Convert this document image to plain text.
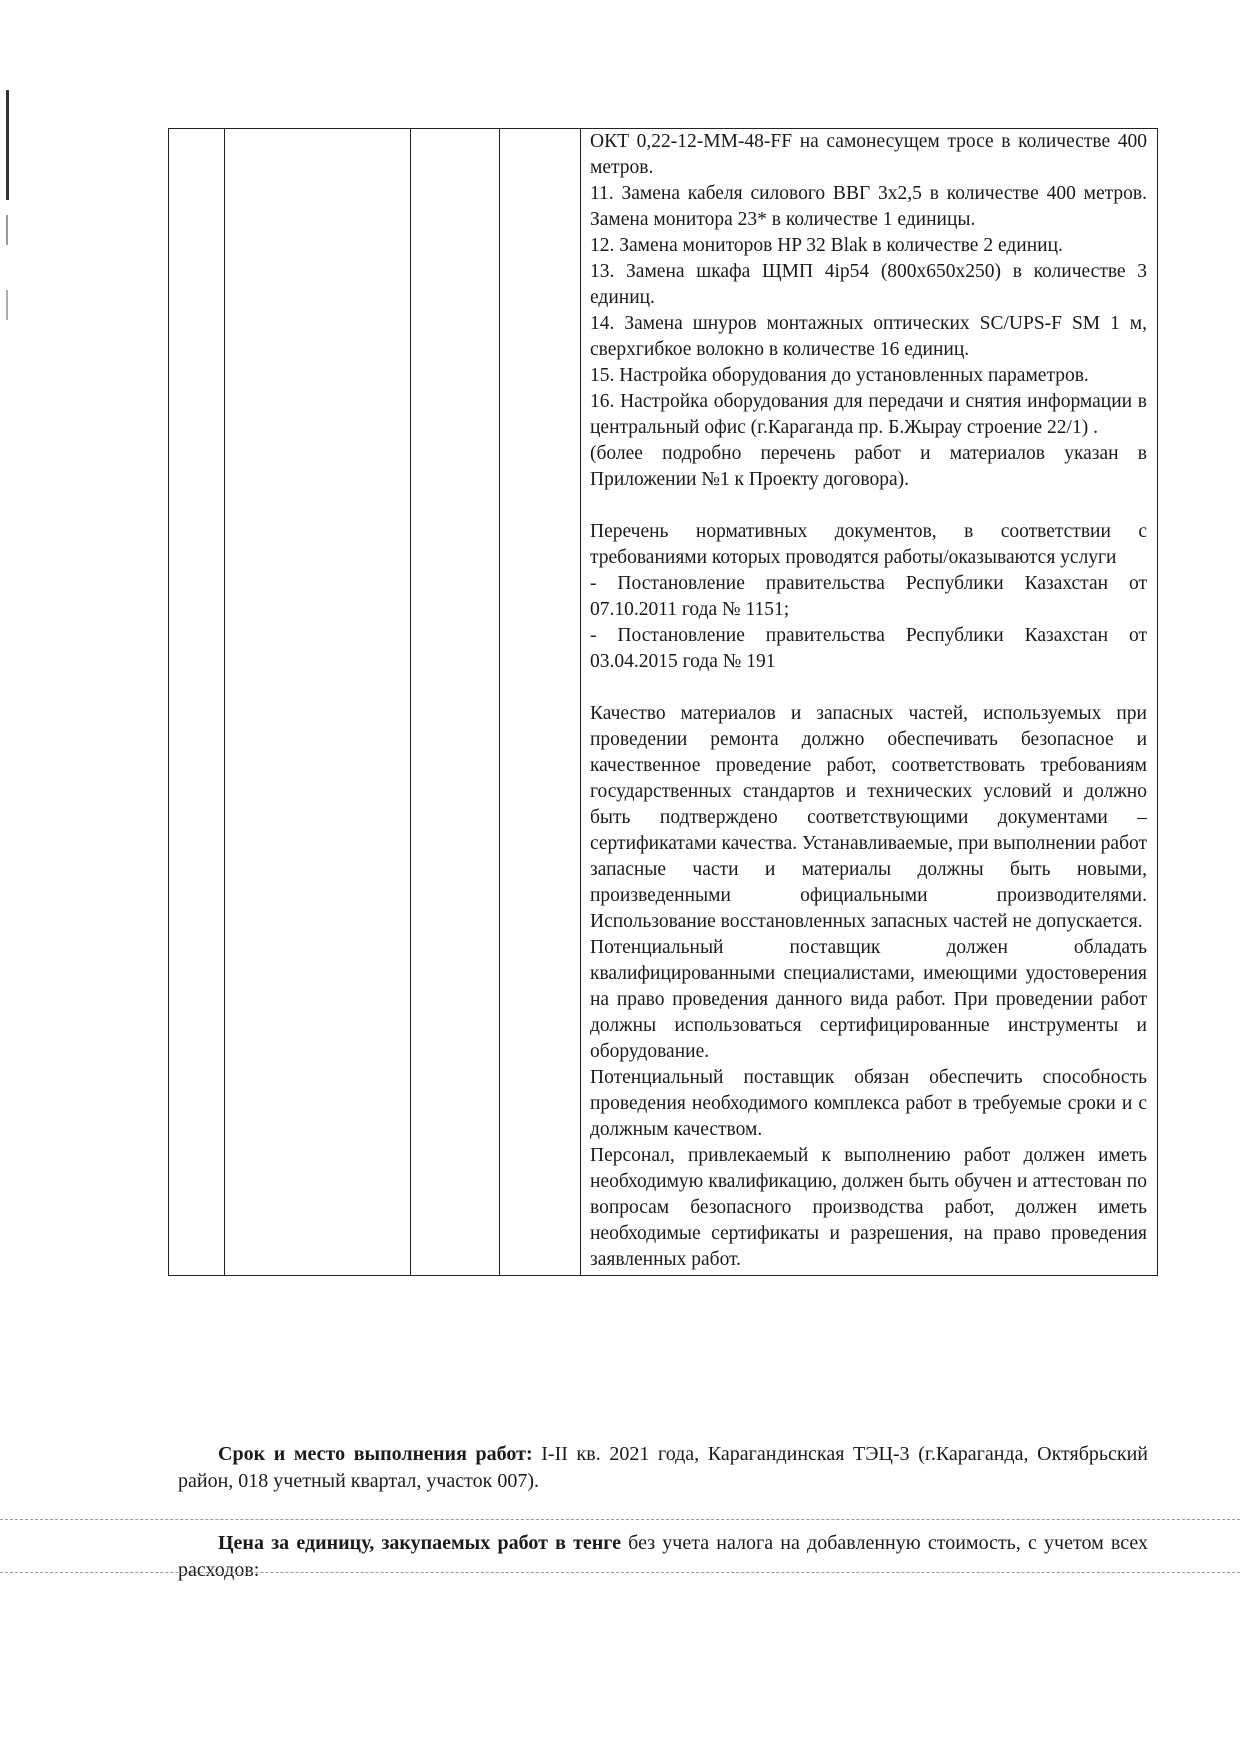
ОКТ 0,22-12-ММ-48-FF на самонесущем тросе в количестве 400 метров.

11. Замена кабеля силового ВВГ 3х2,5 в количестве 400 метров. Замена монитора 23* в количестве 1 единицы.

12. Замена мониторов HP 32 Blak в количестве 2 единиц.

13. Замена шкафа ЩМП 4ip54 (800х650х250) в количестве 3 единиц.

14. Замена шнуров монтажных оптических SC/UPS-F SM 1 м, сверхгибкое волокно в количестве 16 единиц.

15. Настройка оборудования до установленных параметров.

16. Настройка оборудования для передачи и снятия информации в центральный офис (г.Караганда пр. Б.Жырау строение 22/1) .

(более подробно перечень работ и материалов указан в Приложении №1 к Проекту договора).

Перечень нормативных документов, в соответствии с требованиями которых проводятся работы/оказываются услуги

- Постановление правительства Республики Казахстан от 07.10.2011 года № 1151;

- Постановление правительства Республики Казахстан от 03.04.2015 года № 191

Качество материалов и запасных частей, используемых при проведении ремонта должно обеспечивать безопасное и качественное проведение работ, соответствовать требованиям государственных стандартов и технических условий и должно быть подтверждено соответствующими документами – сертификатами качества. Устанавливаемые, при выполнении работ запасные части и материалы должны быть новыми, произведенными официальными производителями. Использование восстановленных запасных частей не допускается.

Потенциальный поставщик должен обладать квалифицированными специалистами, имеющими удостоверения на право проведения данного вида работ. При проведении работ должны использоваться сертифицированные инструменты и оборудование.

Потенциальный поставщик обязан обеспечить способность проведения необходимого комплекса работ в требуемые сроки и с должным качеством.

Персонал, привлекаемый к выполнению работ должен иметь необходимую квалификацию, должен быть обучен и аттестован по вопросам безопасного производства работ, должен иметь необходимые сертификаты и разрешения, на право проведения заявленных работ.

Срок и место выполнения работ: I-II кв. 2021 года, Карагандинская ТЭЦ-3 (г.Караганда, Октябрьский район, 018 учетный квартал, участок 007).

Цена за единицу, закупаемых работ в тенге без учета налога на добавленную стоимость, с учетом всех расходов:
